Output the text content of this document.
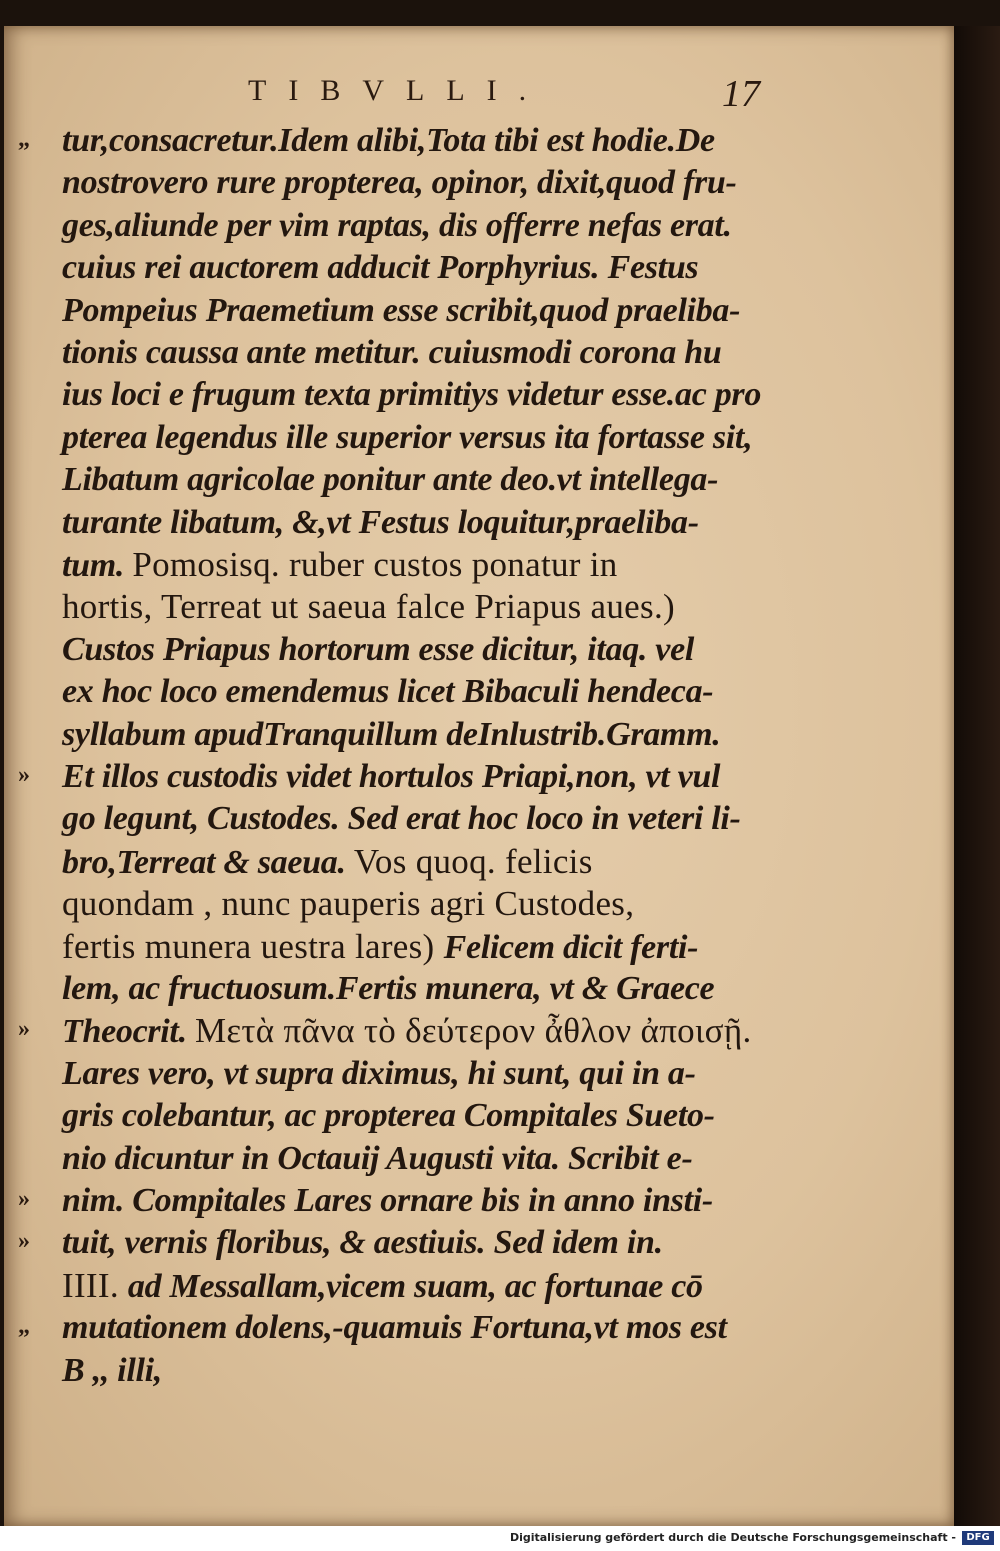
TIBVLLI.	17
tur,consacretur.Idem alibi,Tota tibi est hodie.De
nostrovero rure propterea, opinor, dixit,quod fru-
ges,aliunde per vim raptas, dis offerre nefas erat.
cuius rei auctorem adducit Porphyrius. Festus
Pompeius Praemetium esse scribit,quod praeliba-
tionis caussa ante metitur. cuiusmodi corona hu
ius loci e frugum texta primitiys videtur esse.ac pro
pterea legendus ille superior versus ita fortasse sit,
Libatum agricolae ponitur ante deo.vt intellega-
turante libatum, &,vt Festus loquitur,praeliba-
tum. Pomosisq. ruber custos ponatur in
hortis, Terreat ut saeua falce Priapus aues.)
Custos Priapus hortorum esse dicitur, itaq. vel
ex hoc loco emendemus licet Bibaculi hendeca-
syllabum apudTranquillum deInlustrib.Gramm.
Et illos custodis videt hortulos Priapi,non, vt vul
go legunt, Custodes. Sed erat hoc loco in veteri li-
bro,Terreat & saeua. Vos quoq. felicis
quondam , nunc pauperis agri Custodes,
fertis munera uestra lares) Felicem dicit ferti-
lem, ac fructuosum.Fertis munera, vt & Graece
Theocrit. Μετὰ πᾶνα τὸ δεύτερον ἆθλον ἀποισῇ.
Lares vero, vt supra diximus, hi sunt, qui in a-
gris colebantur, ac propterea Compitales Sueto-
nio dicuntur in Octauij Augusti vita. Scribit e-
nim. Compitales Lares ornare bis in anno insti-
tuit, vernis floribus, & aestiuis. Sed idem in.
IIII. ad Messallam,vicem suam, ac fortunae cō
mutationem dolens,-quamuis Fortuna,vt mos est
B ,, illi,
„
»
»
»
»
„
Digitalisierung gefördert durch die Deutsche Forschungsgemeinschaft -	DFG
